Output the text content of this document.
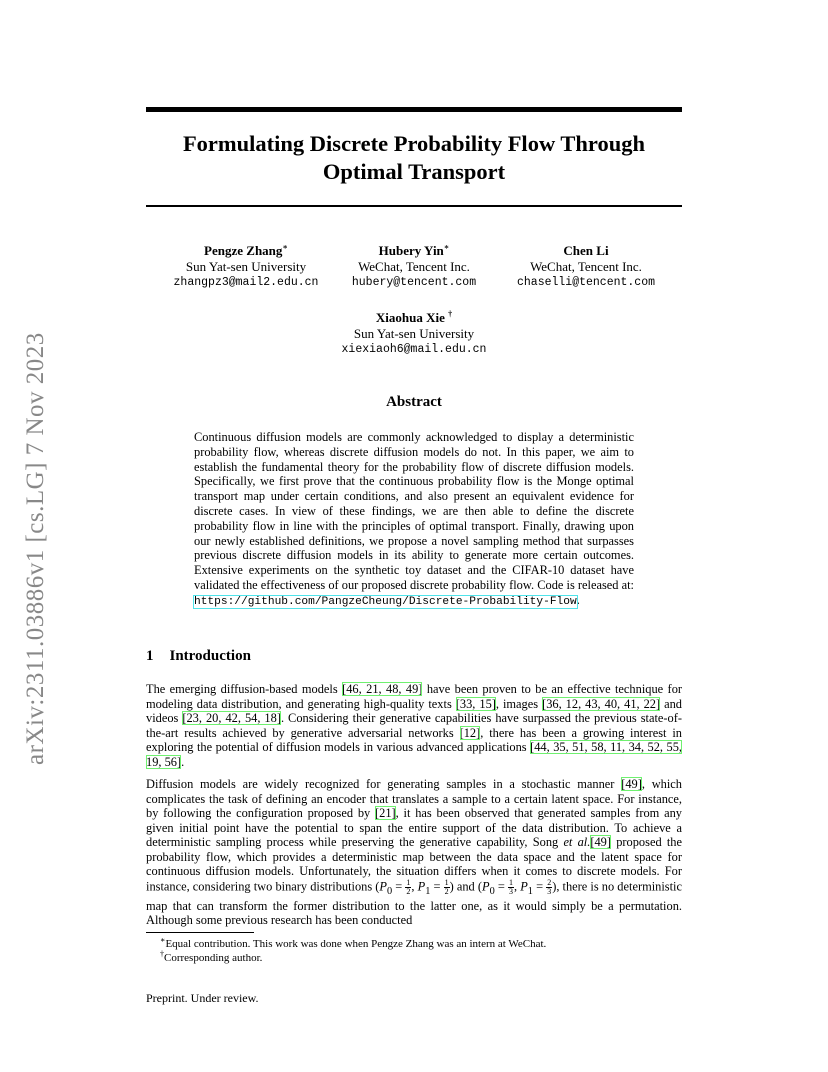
arXiv:2311.03886v1 [cs.LG] 7 Nov 2023
Formulating Discrete Probability Flow Through
Optimal Transport
Pengze Zhang∗
Sun Yat-sen University
zhangpz3@mail2.edu.cn
Hubery Yin∗
WeChat, Tencent Inc.
hubery@tencent.com
Chen Li
WeChat, Tencent Inc.
chaselli@tencent.com
Xiaohua Xie †
Sun Yat-sen University
xiexiaoh6@mail.edu.cn
Abstract
Continuous diffusion models are commonly acknowledged to display a deterministic probability flow, whereas discrete diffusion models do not. In this paper, we aim to establish the fundamental theory for the probability flow of discrete diffusion models. Specifically, we first prove that the continuous probability flow is the Monge optimal transport map under certain conditions, and also present an equivalent evidence for discrete cases. In view of these findings, we are then able to define the discrete probability flow in line with the principles of optimal transport. Finally, drawing upon our newly established definitions, we propose a novel sampling method that surpasses previous discrete diffusion models in its ability to generate more certain outcomes. Extensive experiments on the synthetic toy dataset and the CIFAR-10 dataset have validated the effectiveness of our proposed discrete probability flow. Code is released at: https://github.com/PangzeCheung/Discrete-Probability-Flow.
1 Introduction
The emerging diffusion-based models [46, 21, 48, 49] have been proven to be an effective technique for modeling data distribution, and generating high-quality texts [33, 15], images [36, 12, 43, 40, 41, 22] and videos [23, 20, 42, 54, 18]. Considering their generative capabilities have surpassed the previous state-of-the-art results achieved by generative adversarial networks [12], there has been a growing interest in exploring the potential of diffusion models in various advanced applications [44, 35, 51, 58, 11, 34, 52, 55, 19, 56].
Diffusion models are widely recognized for generating samples in a stochastic manner [49], which complicates the task of defining an encoder that translates a sample to a certain latent space. For instance, by following the configuration proposed by [21], it has been observed that generated samples from any given initial point have the potential to span the entire support of the data distribution. To achieve a deterministic sampling process while preserving the generative capability, Song et al.[49] proposed the probability flow, which provides a deterministic map between the data space and the latent space for continuous diffusion models. Unfortunately, the situation differs when it comes to discrete models. For instance, considering two binary distributions ($P_0 = \frac{1}{2}$ , $P_1 = \frac{1}{2}$ ) and ($P_0 = \frac{1}{3}$ , $P_1 = \frac{2}{3}$ ), there is no deterministic map that can transform the former distribution to the latter one, as it would simply be a permutation. Although some previous research has been conducted
∗Equal contribution. This work was done when Pengze Zhang was an intern at WeChat.
†Corresponding author.
Preprint. Under review.
